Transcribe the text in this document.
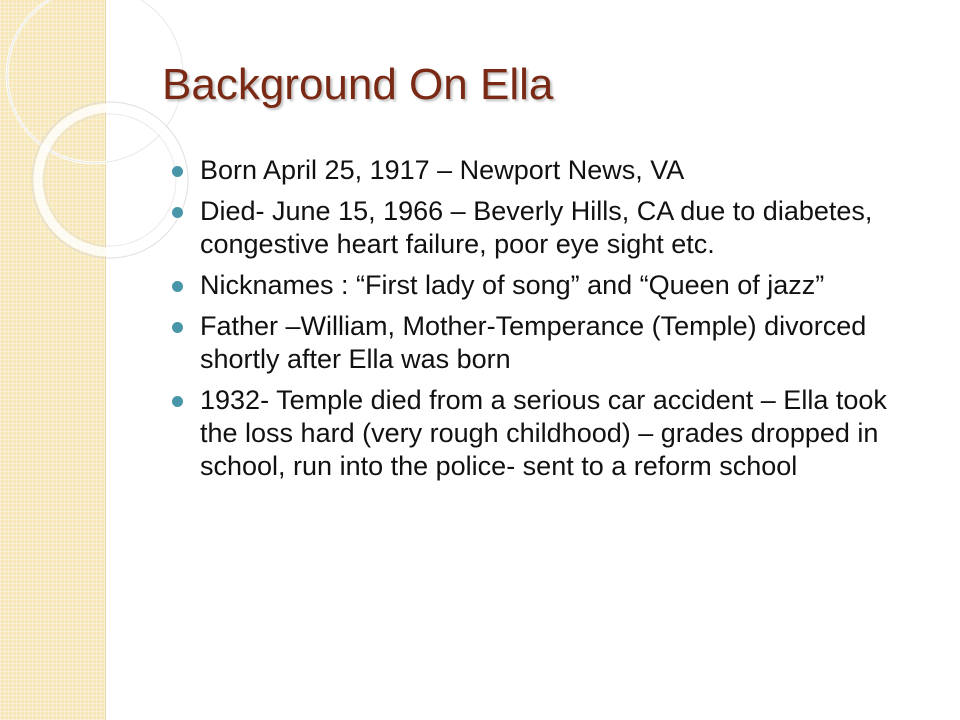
Background On Ella
Born April 25, 1917 – Newport News, VA
Died- June 15, 1966 – Beverly Hills, CA due to diabetes, congestive heart failure, poor eye sight etc.
Nicknames : “First lady of song” and “Queen of jazz”
Father –William, Mother-Temperance (Temple) divorced shortly after Ella was born
1932- Temple died from a serious car accident – Ella took the loss hard (very rough childhood) – grades dropped in school, run into the police- sent to a reform school
